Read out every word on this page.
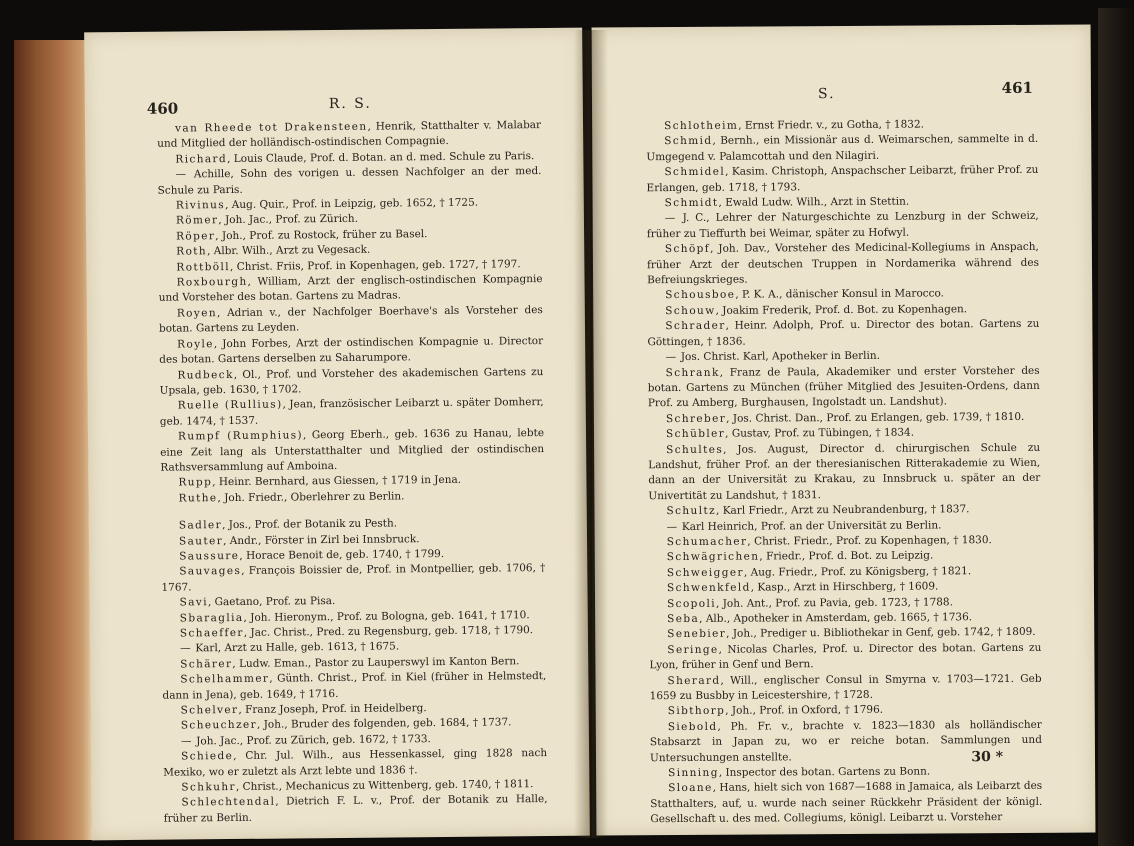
460	R. S.

van Rheede tot Drakensteen, Henrik, Statthalter v. Malabar und Mitglied der holländisch-ostindischen Compagnie.

Richard, Louis Claude, Prof. d. Botan. an d. med. Schule zu Paris.

— Achille, Sohn des vorigen u. dessen Nachfolger an der med. Schule zu Paris.

Rivinus, Aug. Quir., Prof. in Leipzig, geb. 1652, † 1725.

Römer, Joh. Jac., Prof. zu Zürich.

Röper, Joh., Prof. zu Rostock, früher zu Basel.

Roth, Albr. Wilh., Arzt zu Vegesack.

Rottböll, Christ. Friis, Prof. in Kopenhagen, geb. 1727, † 1797.

Roxbourgh, William, Arzt der englisch-ostindischen Kompagnie und Vorsteher des botan. Gartens zu Madras.

Royen, Adrian v., der Nachfolger Boerhave's als Vorsteher des botan. Gartens zu Leyden.

Royle, John Forbes, Arzt der ostindischen Kompagnie u. Director des botan. Gartens derselben zu Saharumpore.

Rudbeck, Ol., Prof. und Vorsteher des akademischen Gartens zu Upsala, geb. 1630, † 1702.

Ruelle (Rullius), Jean, französischer Leibarzt u. später Domherr, geb. 1474, † 1537.

Rumpf (Rumphius), Georg Eberh., geb. 1636 zu Hanau, lebte eine Zeit lang als Unterstatthalter und Mitglied der ostindischen Rathsversammlung auf Amboina.

Rupp, Heinr. Bernhard, aus Giessen, † 1719 in Jena.

Ruthe, Joh. Friedr., Oberlehrer zu Berlin.

Sadler, Jos., Prof. der Botanik zu Pesth.

Sauter, Andr., Förster in Zirl bei Innsbruck.

Saussure, Horace Benoit de, geb. 1740, † 1799.

Sauvages, François Boissier de, Prof. in Montpellier, geb. 1706, † 1767.

Savi, Gaetano, Prof. zu Pisa.

Sbaraglia, Joh. Hieronym., Prof. zu Bologna, geb. 1641, † 1710.

Schaeffer, Jac. Christ., Pred. zu Regensburg, geb. 1718, † 1790.

— Karl, Arzt zu Halle, geb. 1613, † 1675.

Schärer, Ludw. Eman., Pastor zu Lauperswyl im Kanton Bern.

Schelhammer, Günth. Christ., Prof. in Kiel (früher in Helmstedt, dann in Jena), geb. 1649, † 1716.

Schelver, Franz Joseph, Prof. in Heidelberg.

Scheuchzer, Joh., Bruder des folgenden, geb. 1684, † 1737.

— Joh. Jac., Prof. zu Zürich, geb. 1672, † 1733.

Schiede, Chr. Jul. Wilh., aus Hessenkassel, ging 1828 nach Mexiko, wo er zuletzt als Arzt lebte und 1836 †.

Schkuhr, Christ., Mechanicus zu Wittenberg, geb. 1740, † 1811.

Schlechtendal, Dietrich F. L. v., Prof. der Botanik zu Halle, früher zu Berlin.

461
S.

Schlotheim, Ernst Friedr. v., zu Gotha, † 1832.

Schmid, Bernh., ein Missionär aus d. Weimarschen, sammelte in d. Umgegend v. Palamcottah und den Nilagiri.

Schmidel, Kasim. Christoph, Anspachscher Leibarzt, früher Prof. zu Erlangen, geb. 1718, † 1793.

Schmidt, Ewald Ludw. Wilh., Arzt in Stettin.

— J. C., Lehrer der Naturgeschichte zu Lenzburg in der Schweiz, früher zu Tieffurth bei Weimar, später zu Hofwyl.

Schöpf, Joh. Dav., Vorsteher des Medicinal-Kollegiums in Anspach, früher Arzt der deutschen Truppen in Nordamerika während des Befreiungskrieges.

Schousboe, P. K. A., dänischer Konsul in Marocco.

Schouw, Joakim Frederik, Prof. d. Bot. zu Kopenhagen.

Schrader, Heinr. Adolph, Prof. u. Director des botan. Gartens zu Göttingen, † 1836.

— Jos. Christ. Karl, Apotheker in Berlin.

Schrank, Franz de Paula, Akademiker und erster Vorsteher des botan. Gartens zu München (früher Mitglied des Jesuiten-Ordens, dann Prof. zu Amberg, Burghausen, Ingolstadt un. Landshut).

Schreber, Jos. Christ. Dan., Prof. zu Erlangen, geb. 1739, † 1810.

Schübler, Gustav, Prof. zu Tübingen, † 1834.

Schultes, Jos. August, Director d. chirurgischen Schule zu Landshut, früher Prof. an der theresianischen Ritterakademie zu Wien, dann an der Universität zu Krakau, zu Innsbruck u. später an der Univertität zu Landshut, † 1831.

Schultz, Karl Friedr., Arzt zu Neubrandenburg, † 1837.

— Karl Heinrich, Prof. an der Universität zu Berlin.

Schumacher, Christ. Friedr., Prof. zu Kopenhagen, † 1830.

Schwägrichen, Friedr., Prof. d. Bot. zu Leipzig.

Schweigger, Aug. Friedr., Prof. zu Königsberg, † 1821.

Schwenkfeld, Kasp., Arzt in Hirschberg, † 1609.

Scopoli, Joh. Ant., Prof. zu Pavia, geb. 1723, † 1788.

Seba, Alb., Apotheker in Amsterdam, geb. 1665, † 1736.

Senebier, Joh., Prediger u. Bibliothekar in Genf, geb. 1742, † 1809.

Seringe, Nicolas Charles, Prof. u. Director des botan. Gartens zu Lyon, früher in Genf und Bern.

Sherard, Will., englischer Consul in Smyrna v. 1703—1721. Geb 1659 zu Busbby in Leicestershire, † 1728.

Sibthorp, Joh., Prof. in Oxford, † 1796.

Siebold, Ph. Fr. v., brachte v. 1823—1830 als holländischer Stabsarzt in Japan zu, wo er reiche botan. Sammlungen und Untersuchungen anstellte.

Sinning, Inspector des botan. Gartens zu Bonn.

Sloane, Hans, hielt sich von 1687—1688 in Jamaica, als Leibarzt des Statthalters, auf, u. wurde nach seiner Rückkehr Präsident der königl. Gesellschaft u. des med. Collegiums, königl. Leibarzt u. Vorsteher

30 *
